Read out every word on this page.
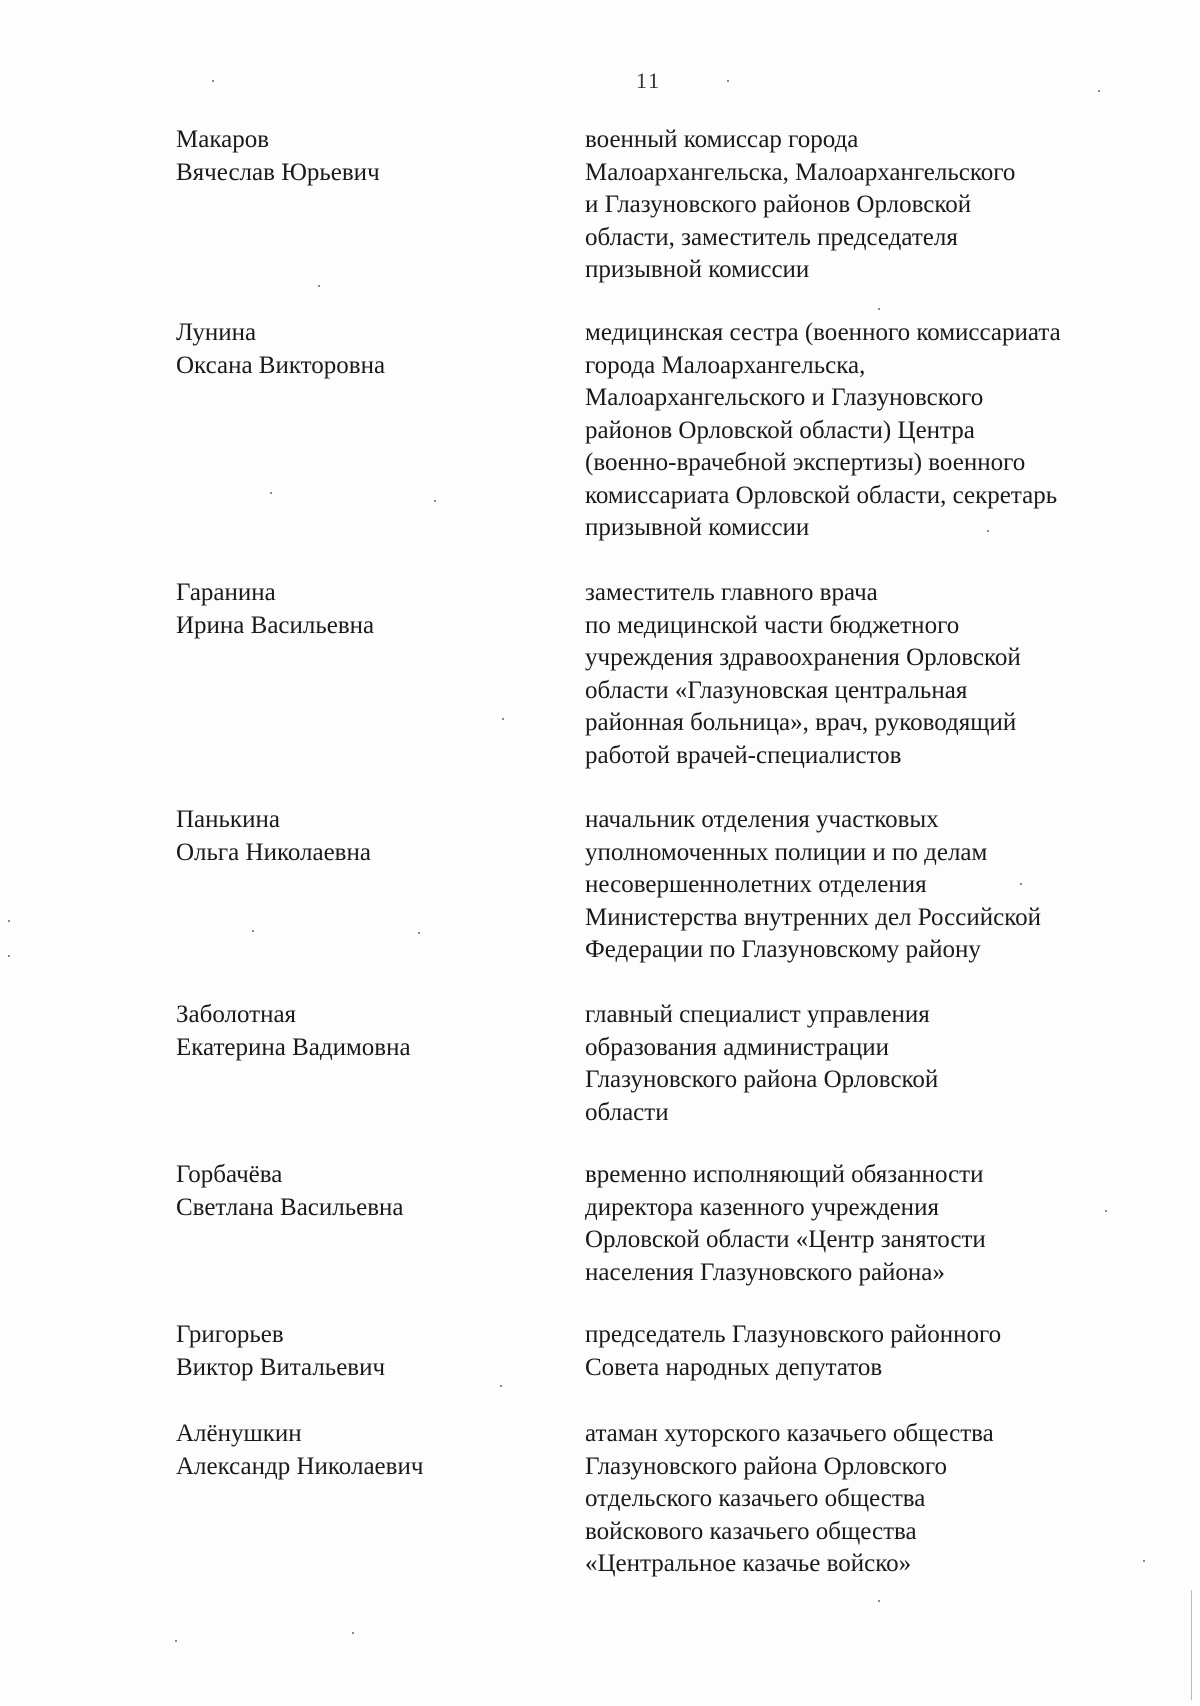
11
Макаров
Вячеслав Юрьевич
военный комиссар города
Малоархангельска, Малоархангельского
и Глазуновского районов Орловской
области, заместитель председателя
призывной комиссии
Лунина
Оксана Викторовна
медицинская сестра (военного комиссариата
города Малоархангельска,
Малоархангельского и Глазуновского
районов Орловской области) Центра
(военно-врачебной экспертизы) военного
комиссариата Орловской области, секретарь
призывной комиссии
Гаранина
Ирина Васильевна
заместитель главного врача
по медицинской части бюджетного
учреждения здравоохранения Орловской
области «Глазуновская центральная
районная больница», врач, руководящий
работой врачей-специалистов
Панькина
Ольга Николаевна
начальник отделения участковых
уполномоченных полиции и по делам
несовершеннолетних отделения
Министерства внутренних дел Российской
Федерации по Глазуновскому району
Заболотная
Екатерина Вадимовна
главный специалист управления
образования администрации
Глазуновского района Орловской
области
Горбачёва
Светлана Васильевна
временно исполняющий обязанности
директора казенного учреждения
Орловской области «Центр занятости
населения Глазуновского района»
Григорьев
Виктор Витальевич
председатель Глазуновского районного
Совета народных депутатов
Алёнушкин
Александр Николаевич
атаман хуторского казачьего общества
Глазуновского района Орловского
отдельского казачьего общества
войскового казачьего общества
«Центральное казачье войско»
